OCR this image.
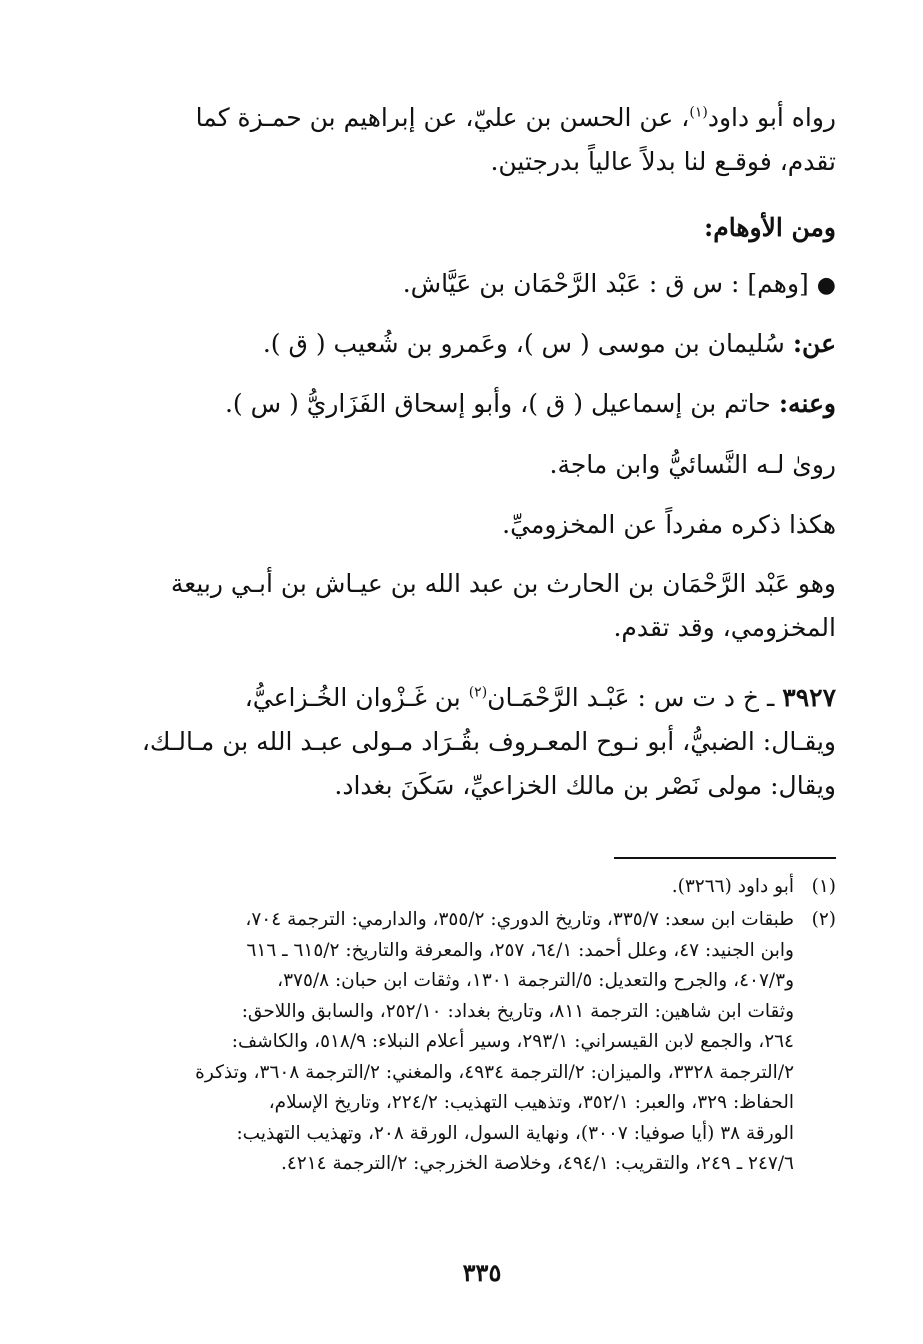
رواه أبو داود$^{(١)}$، عن الحسن بن عليّ، عن إبراهيم بن حمـزة كما
تقدم، فوقـع لنا بدلاً عالياً بدرجتين.

ومن الأوهام:

●[وهم] : س ق : عَبْد الرَّحْمَان بن عَيَّاش.

عن: سُليمان بن موسى ( س )، وعَمرو بن شُعيب ( ق ).

وعنه: حاتم بن إسماعيل ( ق )، وأبو إسحاق الفَزَاريُّ ( س ).

روىٰ لـه النَّسائيُّ وابن ماجة.

هكذا ذكره مفرداً عن المخزوميِّ.

وهو عَبْد الرَّحْمَان بن الحارث بن عبد الله بن عيـاش بن أبـي ربيعة
المخزومي، وقد تقدم.

٣٩٢٧ ـ خ د ت س : عَبْـد الرَّحْمَـان$^{(٢)}$ بن غَـزْوان الخُـزاعيُّ،
ويقـال: الضبيُّ، أبو نـوح المعـروف بقُـرَاد مـولى عبـد الله بن مـالـك،
ويقال: مولى نَصْر بن مالك الخزاعيِّ، سَكَنَ بغداد.

(١)
أبو داود (٣٢٦٦).
(٢)
طبقات ابن سعد: ٣٣٥/٧، وتاريخ الدوري: ٣٥٥/٢، والدارمي: الترجمة ٧٠٤،
وابن الجنيد: ٤٧، وعلل أحمد: ٦٤/١، ٢٥٧، والمعرفة والتاريخ: ٦١٥/٢ ـ ٦١٦
و٤٠٧/٣، والجرح والتعديل: ٥/الترجمة ١٣٠١، وثقات ابن حبان: ٣٧٥/٨،
وثقات ابن شاهين: الترجمة ٨١١، وتاريخ بغداد: ٢٥٢/١٠، والسابق واللاحق:
٢٦٤، والجمع لابن القيسراني: ٢٩٣/١، وسير أعلام النبلاء: ٥١٨/٩، والكاشف:
٢/الترجمة ٣٣٢٨، والميزان: ٢/الترجمة ٤٩٣٤، والمغني: ٢/الترجمة ٣٦٠٨، وتذكرة
الحفاظ: ٣٢٩، والعبر: ٣٥٢/١، وتذهيب التهذيب: ٢٢٤/٢، وتاريخ الإسلام،
الورقة ٣٨ (أيا صوفيا: ٣٠٠٧)، ونهاية السول، الورقة ٢٠٨، وتهذيب التهذيب:
٢٤٧/٦ ـ ٢٤٩، والتقريب: ٤٩٤/١، وخلاصة الخزرجي: ٢/الترجمة ٤٢١٤.
٣٣٥
